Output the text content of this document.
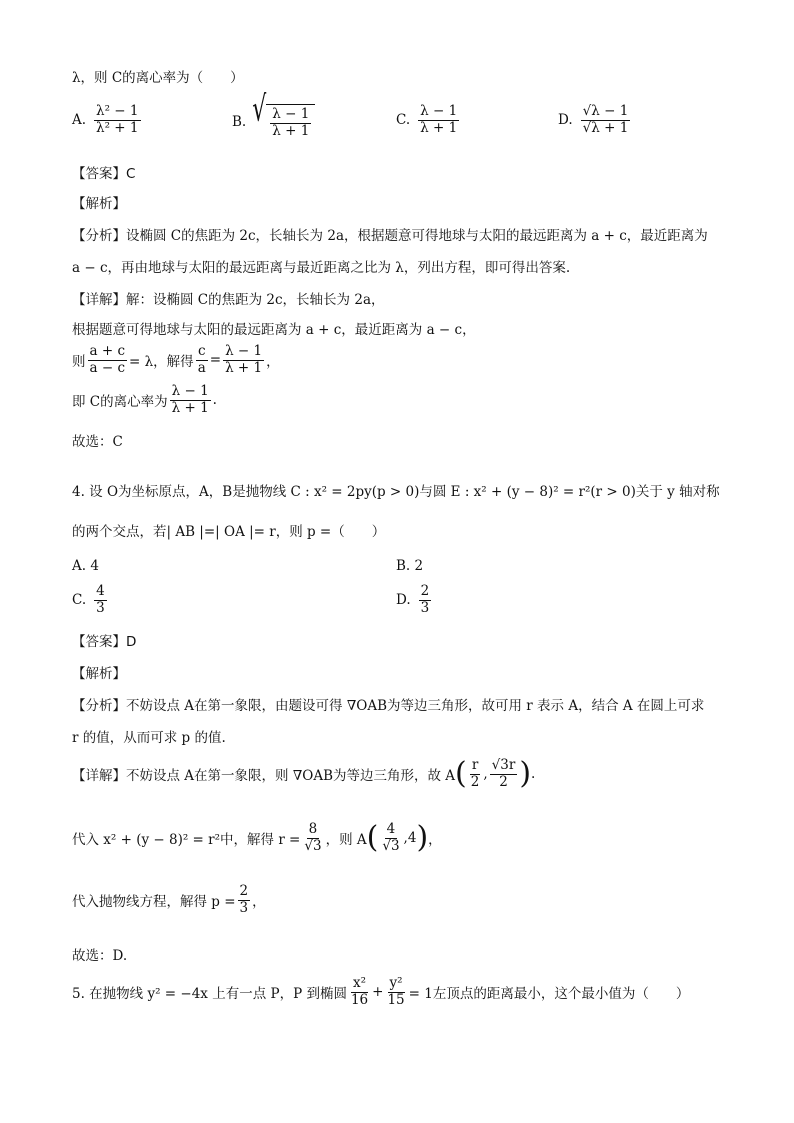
λ，则 C的离心率为（　　）
A. $\frac{\text{λ² − 1}}{\text{λ² + 1}}$	B. √ $\frac{\lambda - 1}{\lambda + 1}$	C. $\frac{\lambda - 1}{\lambda + 1}$	D. $\frac{√\lambda - 1}{√\lambda + 1}$
【答案】C
【解析】
【分析】设椭圆 C的焦距为 2c，长轴长为 2a，根据题意可得地球与太阳的最远距离为 a + c，最近距离为
a − c，再由地球与太阳的最远距离与最近距离之比为 λ，列出方程，即可得出答案.
【详解】解：设椭圆 C的焦距为 2c，长轴长为 2a，
根据题意可得地球与太阳的最远距离为 a + c，最近距离为 a − c，
则 $\frac{a + c}{a - c} = \lambda$，解得 $\frac{c}{a} = \frac{\lambda - 1}{\lambda + 1}$ ，
即 C的离心率为 $\frac{\lambda - 1}{\lambda + 1}$ .
故选：C
4. 设 O为坐标原点，A，B是抛物线 C : x² = 2py(p > 0)与圆 E : x² + (y − 8)² = r²(r > 0)关于 y 轴对称
的两个交点，若| AB |=| OA |= r，则 p =（　　）
A. 4	B. 2
C. $\frac{4}{3}$	D. $\frac{2}{3}$
【答案】D
【解析】
【分析】不妨设点 A在第一象限，由题设可得 ∇OAB为等边三角形，故可用 r 表示 A，结合 A 在圆上可求
r 的值，从而可求 p 的值.
【详解】不妨设点 A在第一象限，则 ∇OAB为等边三角形，故 A ( $\frac{r}{2}$ , $\frac{√3r}{2}$ ) .
代入 x² + (y − 8)² = r²中，解得 $r = \frac{8}{√3}$ ，则 A ( $\frac{4}{√3}$ , 4 ) ，
代入抛物线方程，解得 $p = \frac{2}{3}$ ，
故选：D.
5. 在抛物线 y² = −4x 上有一点 P，P 到椭圆 $\frac{\text{x²}}{16} + \frac{\text{y²}}{15} = 1$左顶点的距离最小，这个最小值为（　　）
